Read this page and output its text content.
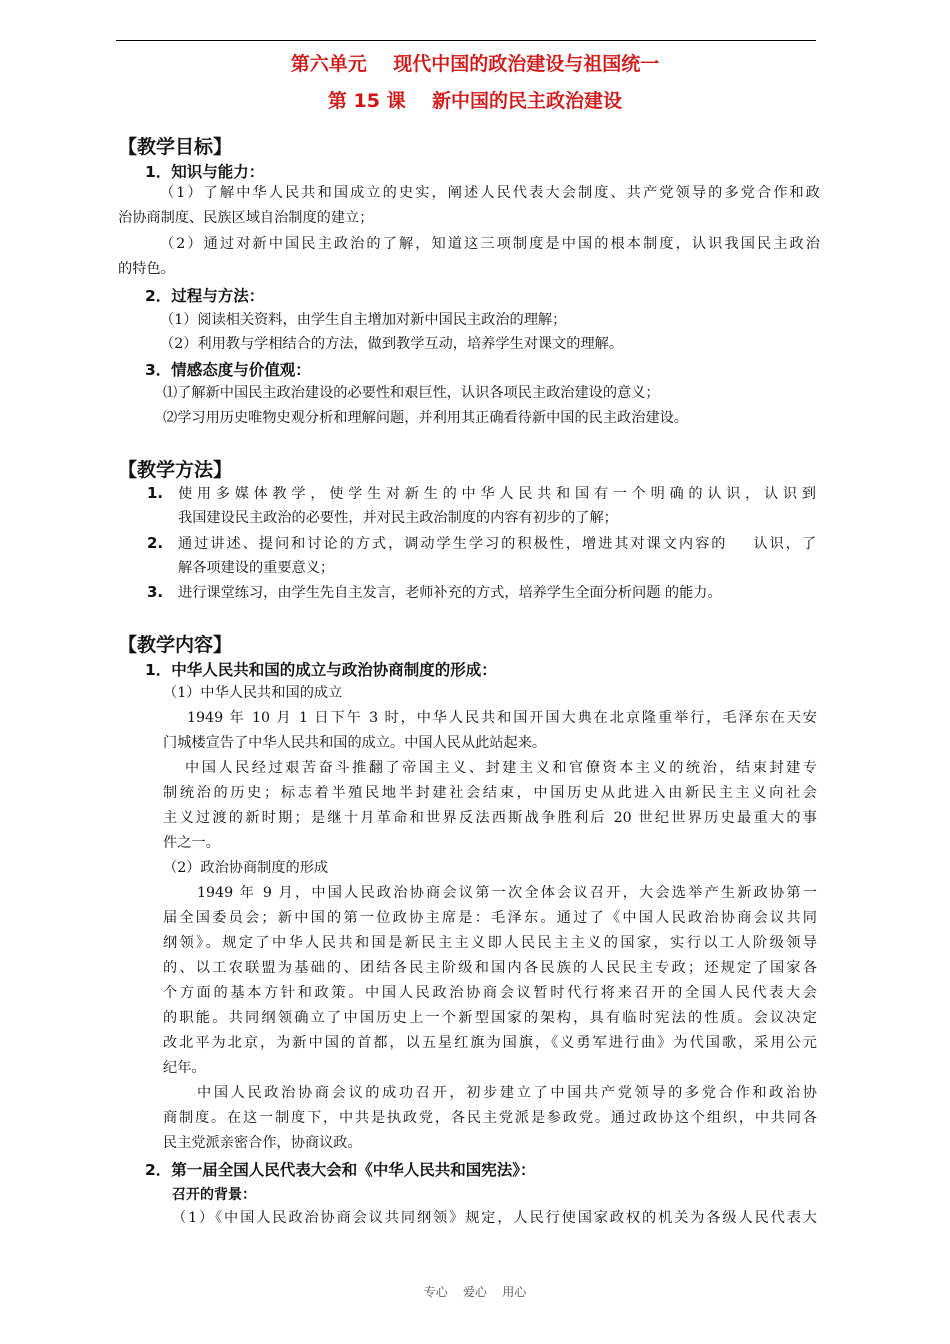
第六单元    现代中国的政治建设与祖国统一
第 15 课    新中国的民主政治建设
【教学目标】
1．知识与能力：
（1）了解中华人民共和国成立的史实，阐述人民代表大会制度、共产党领导的多党合作和政
治协商制度、民族区域自治制度的建立；
（2）通过对新中国民主政治的了解，知道这三项制度是中国的根本制度，认识我国民主政治
的特色。
2．过程与方法：
（1）阅读相关资料，由学生自主增加对新中国民主政治的理解；
（2）利用教与学相结合的方法，做到教学互动，培养学生对课文的理解。
3．情感态度与价值观：
⑴了解新中国民主政治建设的必要性和艰巨性，认识各项民主政治建设的意义；
⑵学习用历史唯物史观分析和理解问题，并利用其正确看待新中国的民主政治建设。
【教学方法】
1. 使用多媒体教学，使学生对新生的中华人民共和国有一个明确的认识，认识到
我国建设民主政治的必要性，并对民主政治制度的内容有初步的了解；
2. 通过讲述、提问和讨论的方式，调动学生学习的积极性，增进其对课文内容的    认识，了
解各项建设的重要意义；
3. 进行课堂练习，由学生先自主发言，老师补充的方式，培养学生全面分析问题 的能力。
【教学内容】
1．中华人民共和国的成立与政治协商制度的形成：
（1）中华人民共和国的成立
1949 年 10 月 1 日下午 3 时，中华人民共和国开国大典在北京隆重举行，毛泽东在天安
门城楼宣告了中华人民共和国的成立。中国人民从此站起来。
中国人民经过艰苦奋斗推翻了帝国主义、封建主义和官僚资本主义的统治，结束封建专
制统治的历史；标志着半殖民地半封建社会结束，中国历史从此进入由新民主主义向社会
主义过渡的新时期；是继十月革命和世界反法西斯战争胜利后 20 世纪世界历史最重大的事
件之一。
（2）政治协商制度的形成
1949 年 9 月，中国人民政治协商会议第一次全体会议召开，大会选举产生新政协第一
届全国委员会；新中国的第一位政协主席是：毛泽东。通过了《中国人民政治协商会议共同
纲领》。规定了中华人民共和国是新民主主义即人民民主主义的国家，实行以工人阶级领导
的、以工农联盟为基础的、团结各民主阶级和国内各民族的人民民主专政；还规定了国家各
个方面的基本方针和政策。中国人民政治协商会议暂时代行将来召开的全国人民代表大会
的职能。共同纲领确立了中国历史上一个新型国家的架构，具有临时宪法的性质。会议决定
改北平为北京，为新中国的首都，以五星红旗为国旗，《义勇军进行曲》为代国歌，采用公元
纪年。
中国人民政治协商会议的成功召开，初步建立了中国共产党领导的多党合作和政治协
商制度。在这一制度下，中共是执政党，各民主党派是参政党。通过政协这个组织，中共同各
民主党派亲密合作，协商议政。
2．第一届全国人民代表大会和《中华人民共和国宪法》：
召开的背景：
（1）《中国人民政治协商会议共同纲领》规定，人民行使国家政权的机关为各级人民代表大
专心    爱心    用心
